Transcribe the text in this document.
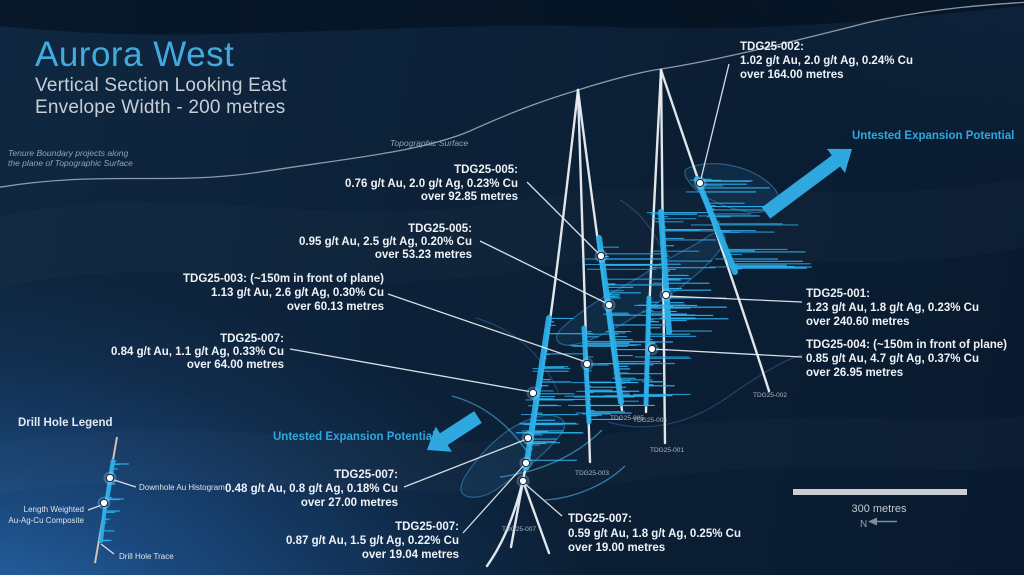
Aurora West
Vertical Section Looking East
Envelope Width - 200 metres
Tenure Boundary projects along
the plane of Topographic Surface
Topographic Surface
Untested Expansion Potential
Untested Expansion Potential
TDG25-002:
1.02 g/t Au, 2.0 g/t Ag, 0.24% Cu
over 164.00 metres
TDG25-005:
0.76 g/t Au, 2.0 g/t Ag, 0.23% Cu
over 92.85 metres
TDG25-005:
0.95 g/t Au, 2.5 g/t Ag, 0.20% Cu
over 53.23 metres
TDG25-003: (~150m in front of plane)
1.13 g/t Au, 2.6 g/t Ag, 0.30% Cu
over 60.13 metres
TDG25-007:
0.84 g/t Au, 1.1 g/t Ag, 0.33% Cu
over 64.00 metres
TDG25-001:
1.23 g/t Au, 1.8 g/t Ag, 0.23% Cu
over 240.60 metres
TDG25-004: (~150m in front of plane)
0.85 g/t Au, 4.7 g/t Ag, 0.37% Cu
over 26.95 metres
TDG25-007:
0.48 g/t Au, 0.8 g/t Ag, 0.18% Cu
over 27.00 metres
TDG25-007:
0.87 g/t Au, 1.5 g/t Ag, 0.22% Cu
over 19.04 metres
TDG25-007:
0.59 g/t Au, 1.8 g/t Ag, 0.25% Cu
over 19.00 metres
TDG25-007
TDG25-003
TDG25-005
TDG25-004
TDG25-001
TDG25-002
Drill Hole Legend
Downhole Au Histogram
Length Weighted
Au-Ag-Cu Composite
Drill Hole Trace
300 metres
N
